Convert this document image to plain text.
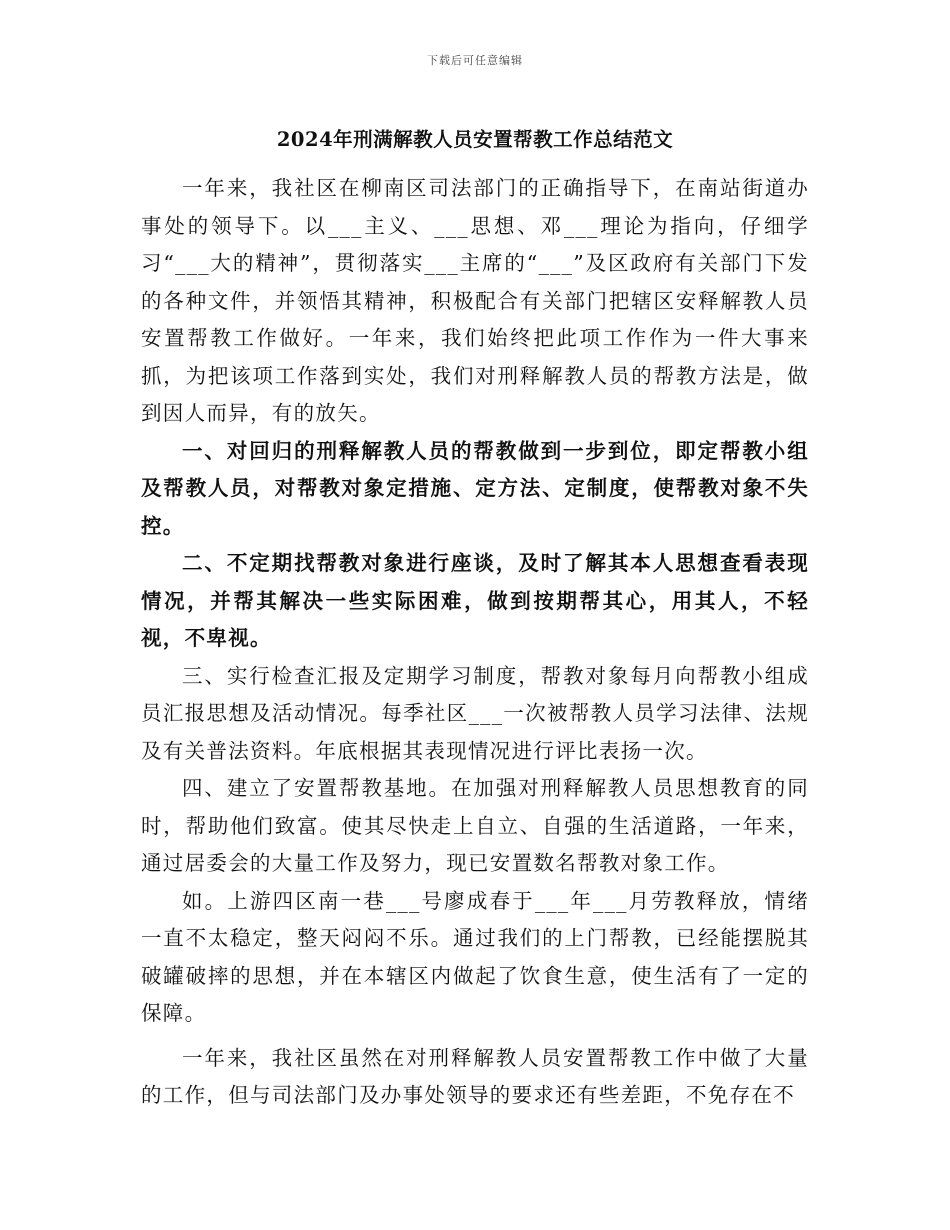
下载后可任意编辑
2024年刑满解教人员安置帮教工作总结范文

一年来，我社区在柳南区司法部门的正确指导下，在南站街道办事处的领导下。以___主义、___思想、邓___理论为指向，仔细学习“___大的精神”，贯彻落实___主席的“___”及区政府有关部门下发的各种文件，并领悟其精神，积极配合有关部门把辖区安释解教人员安置帮教工作做好。一年来，我们始终把此项工作作为一件大事来抓，为把该项工作落到实处，我们对刑释解教人员的帮教方法是，做到因人而异，有的放矢。

一、对回归的刑释解教人员的帮教做到一步到位，即定帮教小组及帮教人员，对帮教对象定措施、定方法、定制度，使帮教对象不失控。

二、不定期找帮教对象进行座谈，及时了解其本人思想查看表现情况，并帮其解决一些实际困难，做到按期帮其心，用其人，不轻视，不卑视。

三、实行检查汇报及定期学习制度，帮教对象每月向帮教小组成员汇报思想及活动情况。每季社区___一次被帮教人员学习法律、法规及有关普法资料。年底根据其表现情况进行评比表扬一次。

四、建立了安置帮教基地。在加强对刑释解教人员思想教育的同时，帮助他们致富。使其尽快走上自立、自强的生活道路，一年来，通过居委会的大量工作及努力，现已安置数名帮教对象工作。

如。上游四区南一巷___号廖成春于___年___月劳教释放，情绪一直不太稳定，整天闷闷不乐。通过我们的上门帮教，已经能摆脱其破罐破摔的思想，并在本辖区内做起了饮食生意，使生活有了一定的保障。

一年来，我社区虽然在对刑释解教人员安置帮教工作中做了大量的工作，但与司法部门及办事处领导的要求还有些差距，不免存在不
